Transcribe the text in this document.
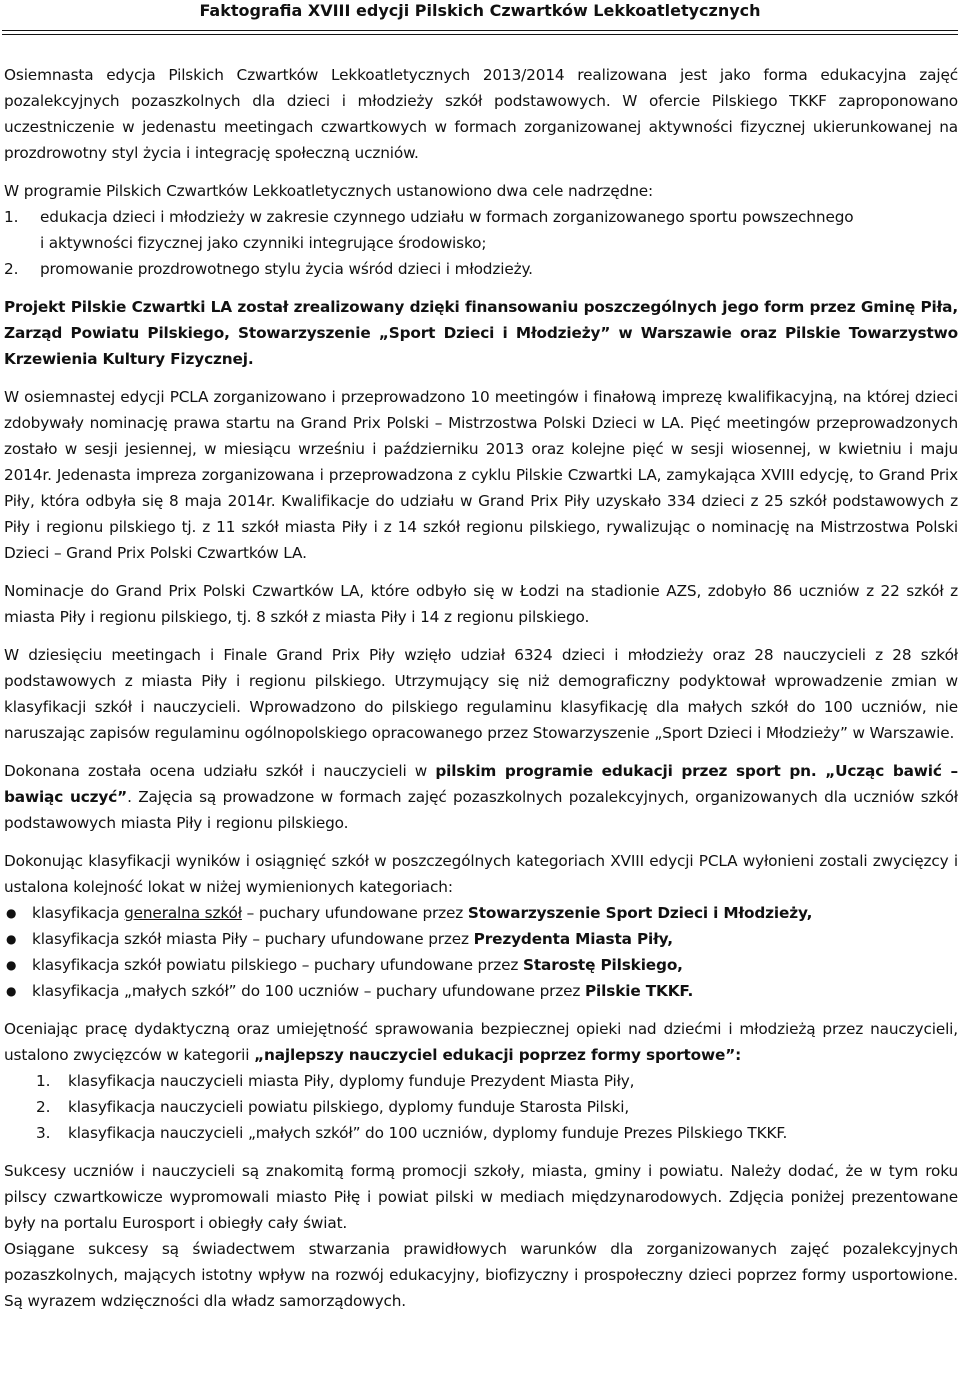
Faktografia XVIII edycji Pilskich Czwartków Lekkoatletycznych

Osiemnasta edycja Pilskich Czwartków Lekkoatletycznych 2013/2014 realizowana jest jako forma edukacyjna zajęć pozalekcyjnych pozaszkolnych dla dzieci i młodzieży szkół podstawowych. W ofercie Pilskiego TKKF zaproponowano uczestniczenie w jedenastu meetingach czwartkowych w formach zorganizowanej aktywności fizycznej ukierunkowanej na prozdrowotny styl życia i integrację społeczną uczniów.

W programie Pilskich Czwartków Lekkoatletycznych ustanowiono dwa cele nadrzędne:

1.	edukacja dzieci i młodzieży w zakresie czynnego udziału w formach zorganizowanego sportu powszechnego
i aktywności fizycznej jako czynniki integrujące środowisko;
2.	promowanie prozdrowotnego stylu życia wśród dzieci i młodzieży.

Projekt Pilskie Czwartki LA został zrealizowany dzięki finansowaniu poszczególnych jego form przez Gminę Piła, Zarząd Powiatu Pilskiego, Stowarzyszenie „Sport Dzieci i Młodzieży” w Warszawie oraz Pilskie Towarzystwo Krzewienia Kultury Fizycznej.

W osiemnastej edycji PCLA zorganizowano i przeprowadzono 10 meetingów i finałową imprezę kwalifikacyjną, na której dzieci zdobywały nominację prawa startu na Grand Prix Polski – Mistrzostwa Polski Dzieci w LA. Pięć meetingów przeprowadzonych zostało w sesji jesiennej, w miesiącu wrześniu i październiku 2013 oraz kolejne pięć w sesji wiosennej, w kwietniu i maju 2014r. Jedenasta impreza zorganizowana i przeprowadzona z cyklu Pilskie Czwartki LA, zamykająca XVIII edycję, to Grand Prix Piły, która odbyła się 8 maja 2014r. Kwalifikacje do udziału w Grand Prix Piły uzyskało 334 dzieci z 25 szkół podstawowych z Piły i regionu pilskiego tj. z 11 szkół miasta Piły i z 14 szkół regionu pilskiego, rywalizując o nominację na Mistrzostwa Polski Dzieci – Grand Prix Polski Czwartków LA.

Nominacje do Grand Prix Polski Czwartków LA, które odbyło się w Łodzi na stadionie AZS, zdobyło 86 uczniów z 22 szkół z miasta Piły i regionu pilskiego, tj. 8 szkół z miasta Piły i 14 z regionu pilskiego.

W dziesięciu meetingach i Finale Grand Prix Piły wzięło udział 6324 dzieci i młodzieży oraz 28 nauczycieli z 28 szkół podstawowych z miasta Piły i regionu pilskiego. Utrzymujący się niż demograficzny podyktował wprowadzenie zmian w klasyfikacji szkół i nauczycieli. Wprowadzono do pilskiego regulaminu klasyfikację dla małych szkół do 100 uczniów, nie naruszając zapisów regulaminu ogólnopolskiego opracowanego przez Stowarzyszenie „Sport Dzieci i Młodzieży” w Warszawie.

Dokonana została ocena udziału szkół i nauczycieli w pilskim programie edukacji przez sport pn. „Ucząc bawić – bawiąc uczyć”. Zajęcia są prowadzone w formach zajęć pozaszkolnych pozalekcyjnych, organizowanych dla uczniów szkół podstawowych miasta Piły i regionu pilskiego.

Dokonując klasyfikacji wyników i osiągnięć szkół w poszczególnych kategoriach XVIII edycji PCLA wyłonieni zostali zwycięzcy i ustalona kolejność lokat w niżej wymienionych kategoriach:

●	klasyfikacja generalna szkół – puchary ufundowane przez Stowarzyszenie Sport Dzieci i Młodzieży,
●	klasyfikacja szkół miasta Piły – puchary ufundowane przez Prezydenta Miasta Piły,
●	klasyfikacja szkół powiatu pilskiego – puchary ufundowane przez Starostę Pilskiego,
●	klasyfikacja „małych szkół” do 100 uczniów – puchary ufundowane przez Pilskie TKKF.

Oceniając pracę dydaktyczną oraz umiejętność sprawowania bezpiecznej opieki nad dziećmi i młodzieżą przez nauczycieli, ustalono zwycięzców w kategorii „najlepszy nauczyciel edukacji poprzez formy sportowe”:

1.	klasyfikacja nauczycieli miasta Piły, dyplomy funduje Prezydent Miasta Piły,
2.	klasyfikacja nauczycieli powiatu pilskiego, dyplomy funduje Starosta Pilski,
3.	klasyfikacja nauczycieli „małych szkół” do 100 uczniów, dyplomy funduje Prezes Pilskiego TKKF.

Sukcesy uczniów i nauczycieli są znakomitą formą promocji szkoły, miasta, gminy i powiatu. Należy dodać, że w tym roku pilscy czwartkowicze wypromowali miasto Piłę i powiat pilski w mediach międzynarodowych. Zdjęcia poniżej prezentowane były na portalu Eurosport i obiegły cały świat.

Osiągane sukcesy są świadectwem stwarzania prawidłowych warunków dla zorganizowanych zajęć pozalekcyjnych pozaszkolnych, mających istotny wpływ na rozwój edukacyjny, biofizyczny i prospołeczny dzieci poprzez formy usportowione. Są wyrazem wdzięczności dla władz samorządowych.
